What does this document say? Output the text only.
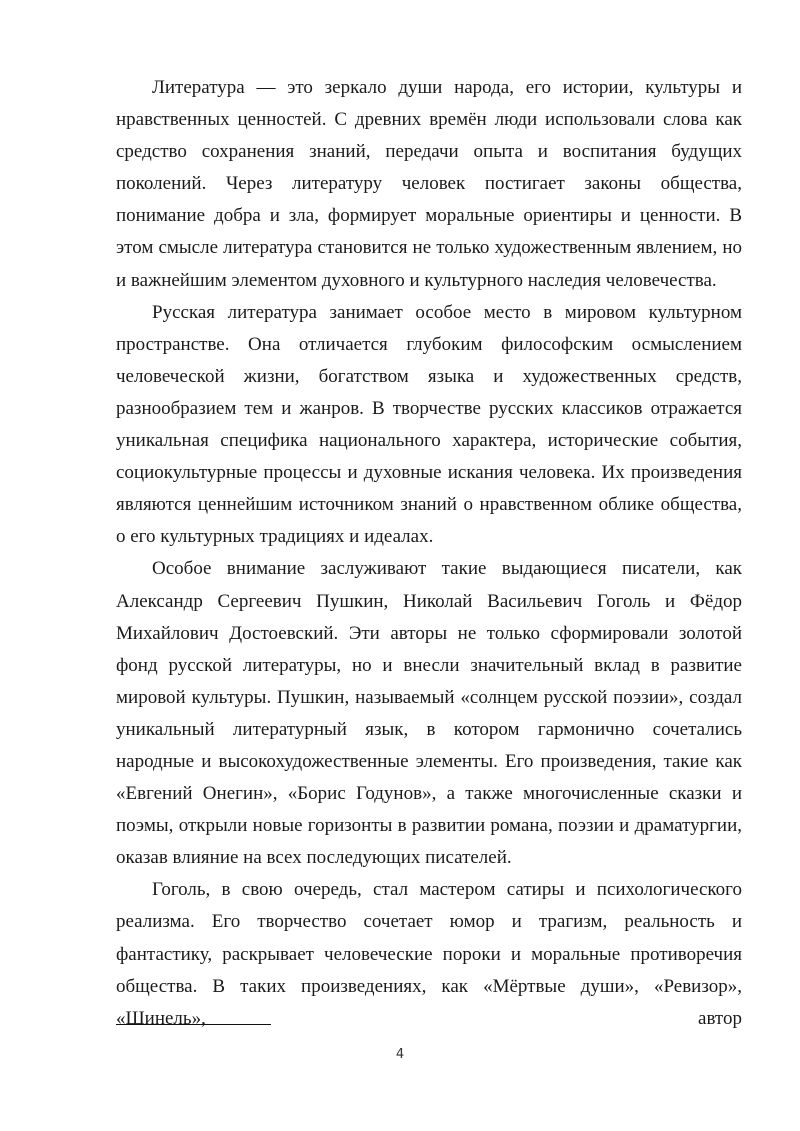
Литература — это зеркало души народа, его истории, культуры и нравственных ценностей. С древних времён люди использовали слова как средство сохранения знаний, передачи опыта и воспитания будущих поколений. Через литературу человек постигает законы общества, понимание добра и зла, формирует моральные ориентиры и ценности. В этом смысле литература становится не только художественным явлением, но и важнейшим элементом духовного и культурного наследия человечества.

Русская литература занимает особое место в мировом культурном пространстве. Она отличается глубоким философским осмыслением человеческой жизни, богатством языка и художественных средств, разнообразием тем и жанров. В творчестве русских классиков отражается уникальная специфика национального характера, исторические события, социокультурные процессы и духовные искания человека. Их произведения являются ценнейшим источником знаний о нравственном облике общества, о его культурных традициях и идеалах.

Особое внимание заслуживают такие выдающиеся писатели, как Александр Сергеевич Пушкин, Николай Васильевич Гоголь и Фёдор Михайлович Достоевский. Эти авторы не только сформировали золотой фонд русской литературы, но и внесли значительный вклад в развитие мировой культуры. Пушкин, называемый «солнцем русской поэзии», создал уникальный литературный язык, в котором гармонично сочетались народные и высокохудожественные элементы. Его произведения, такие как «Евгений Онегин», «Борис Годунов», а также многочисленные сказки и поэмы, открыли новые горизонты в развитии романа, поэзии и драматургии, оказав влияние на всех последующих писателей.

Гоголь, в свою очередь, стал мастером сатиры и психологического реализма. Его творчество сочетает юмор и трагизм, реальность и фантастику, раскрывает человеческие пороки и моральные противоречия общества. В таких произведениях, как «Мёртвые души», «Ревизор», «Шинель», автор

4
